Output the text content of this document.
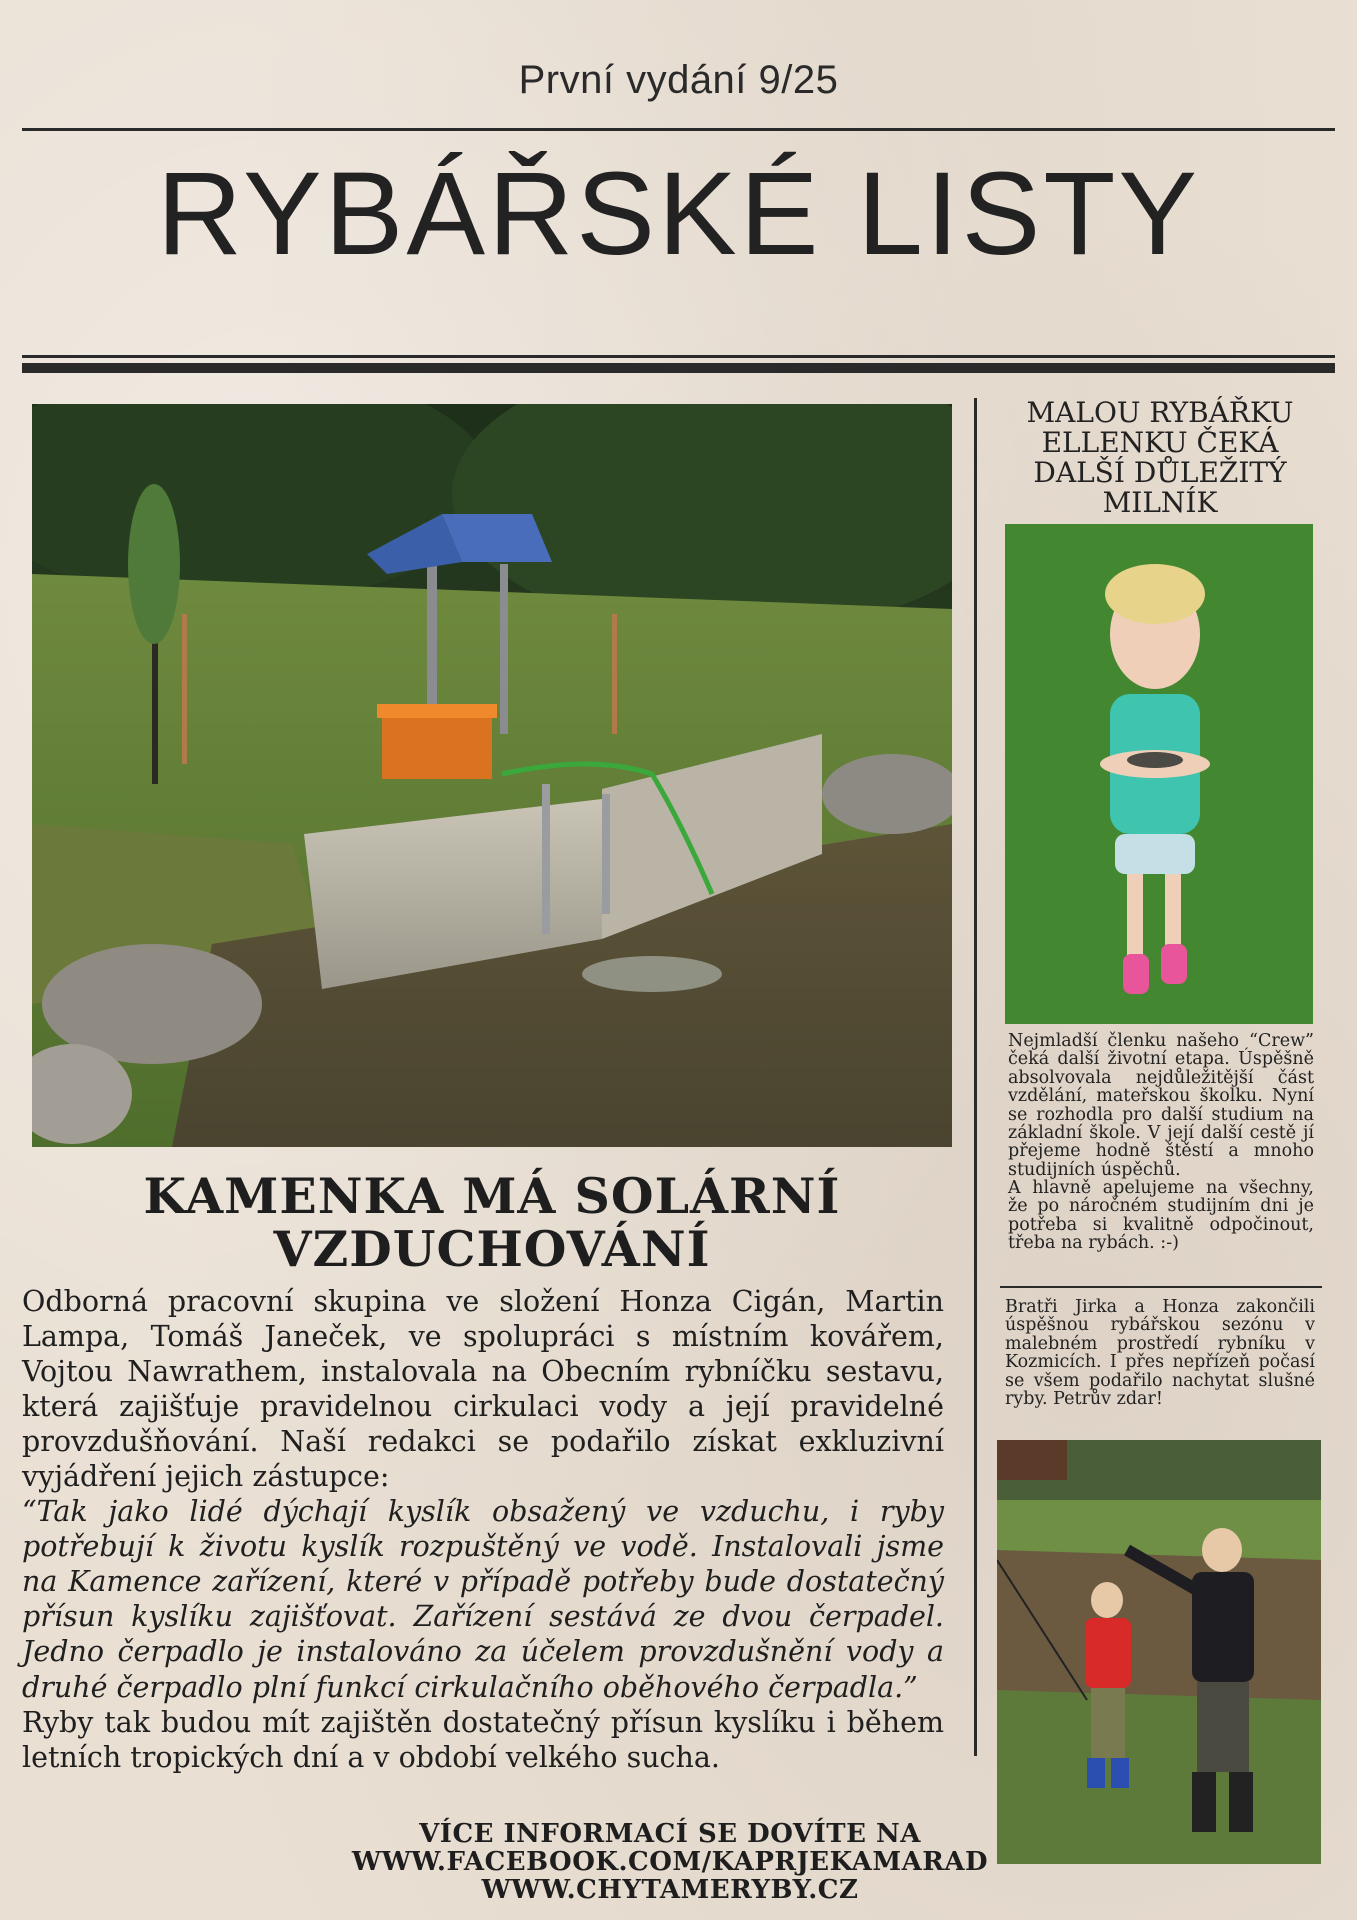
První vydání 9/25
RYBÁŘSKÉ LISTY
KAMENKA MÁ SOLÁRNÍ
VZDUCHOVÁNÍ

Odborná pracovní skupina ve složení Honza Cigán, Martin Lampa, Tomáš Janeček, ve spolupráci s místním kovářem, Vojtou Nawrathem, instalovala na Obecním rybníčku sestavu, která zajišťuje pravidelnou cirkulaci vody a její pravidelné provzdušňování. Naší redakci se podařilo získat exkluzivní vyjádření jejich zástupce:

“Tak jako lidé dýchají kyslík obsažený ve vzduchu, i ryby potřebují k životu kyslík rozpuštěný ve vodě. Instalovali jsme na Kamence zařízení, které v případě potřeby bude dostatečný přísun kyslíku zajišťovat. Zařízení sestává ze dvou čerpadel. Jedno čerpadlo je instalováno za účelem provzdušnění vody a druhé čerpadlo plní funkcí cirkulačního oběhového čerpadla.”

Ryby tak budou mít zajištěn dostatečný přísun kyslíku i během letních tropických dní a v období velkého sucha.

VÍCE INFORMACÍ SE DOVÍTE NA
WWW.FACEBOOK.COM/KAPRJEKAMARAD
WWW.CHYTAMERYBY.CZ
MALOU RYBÁŘKU ELLENKU ČEKÁ DALŠÍ DŮLEŽITÝ MILNÍK

Nejmladší členku našeho “Crew” čeká další životní etapa. Úspěšně absolvovala nejdůležitější část vzdělání, mateřskou školku. Nyní se rozhodla pro další studium na základní škole. V její další cestě jí přejeme hodně štěstí a mnoho studijních úspěchů.

A hlavně apelujeme na všechny, že po náročném studijním dni je potřeba si kvalitně odpočinout, třeba na rybách. :-)

Bratři Jirka a Honza zakončili úspěšnou rybářskou sezónu v malebném prostředí rybníku v Kozmicích. I přes nepřízeň počasí se všem podařilo nachytat slušné ryby. Petrův zdar!
